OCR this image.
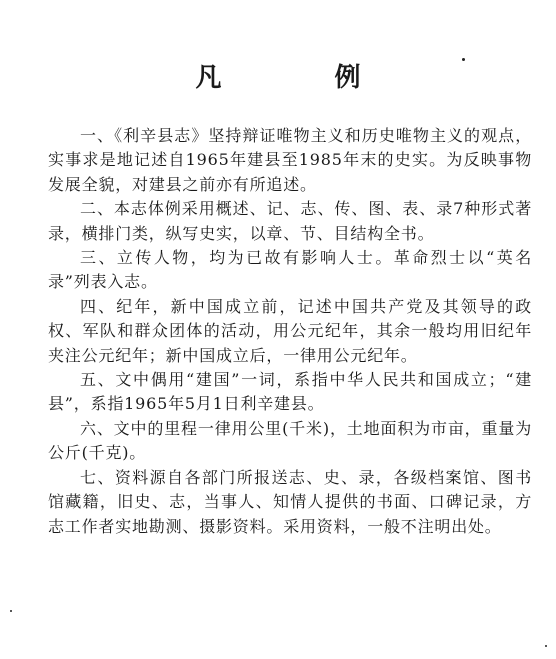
凡 例

一、《利辛县志》坚持辩证唯物主义和历史唯物主义的观点，实事求是地记述自1965年建县至1985年末的史实。为反映事物发展全貌，对建县之前亦有所追述。

二、本志体例采用概述、记、志、传、图、表、录7种形式著录，横排门类，纵写史实，以章、节、目结构全书。

三、立传人物，均为已故有影响人士。革命烈士以“英名录”列表入志。

四、纪年，新中国成立前，记述中国共产党及其领导的政权、军队和群众团体的活动，用公元纪年，其余一般均用旧纪年夹注公元纪年；新中国成立后，一律用公元纪年。

五、文中偶用“建国”一词，系指中华人民共和国成立；“建县”，系指1965年5月1日利辛建县。

六、文中的里程一律用公里(千米)，土地面积为市亩，重量为公斤(千克)。

七、资料源自各部门所报送志、史、录，各级档案馆、图书馆藏籍，旧史、志，当事人、知情人提供的书面、口碑记录，方志工作者实地勘测、摄影资料。采用资料，一般不注明出处。
